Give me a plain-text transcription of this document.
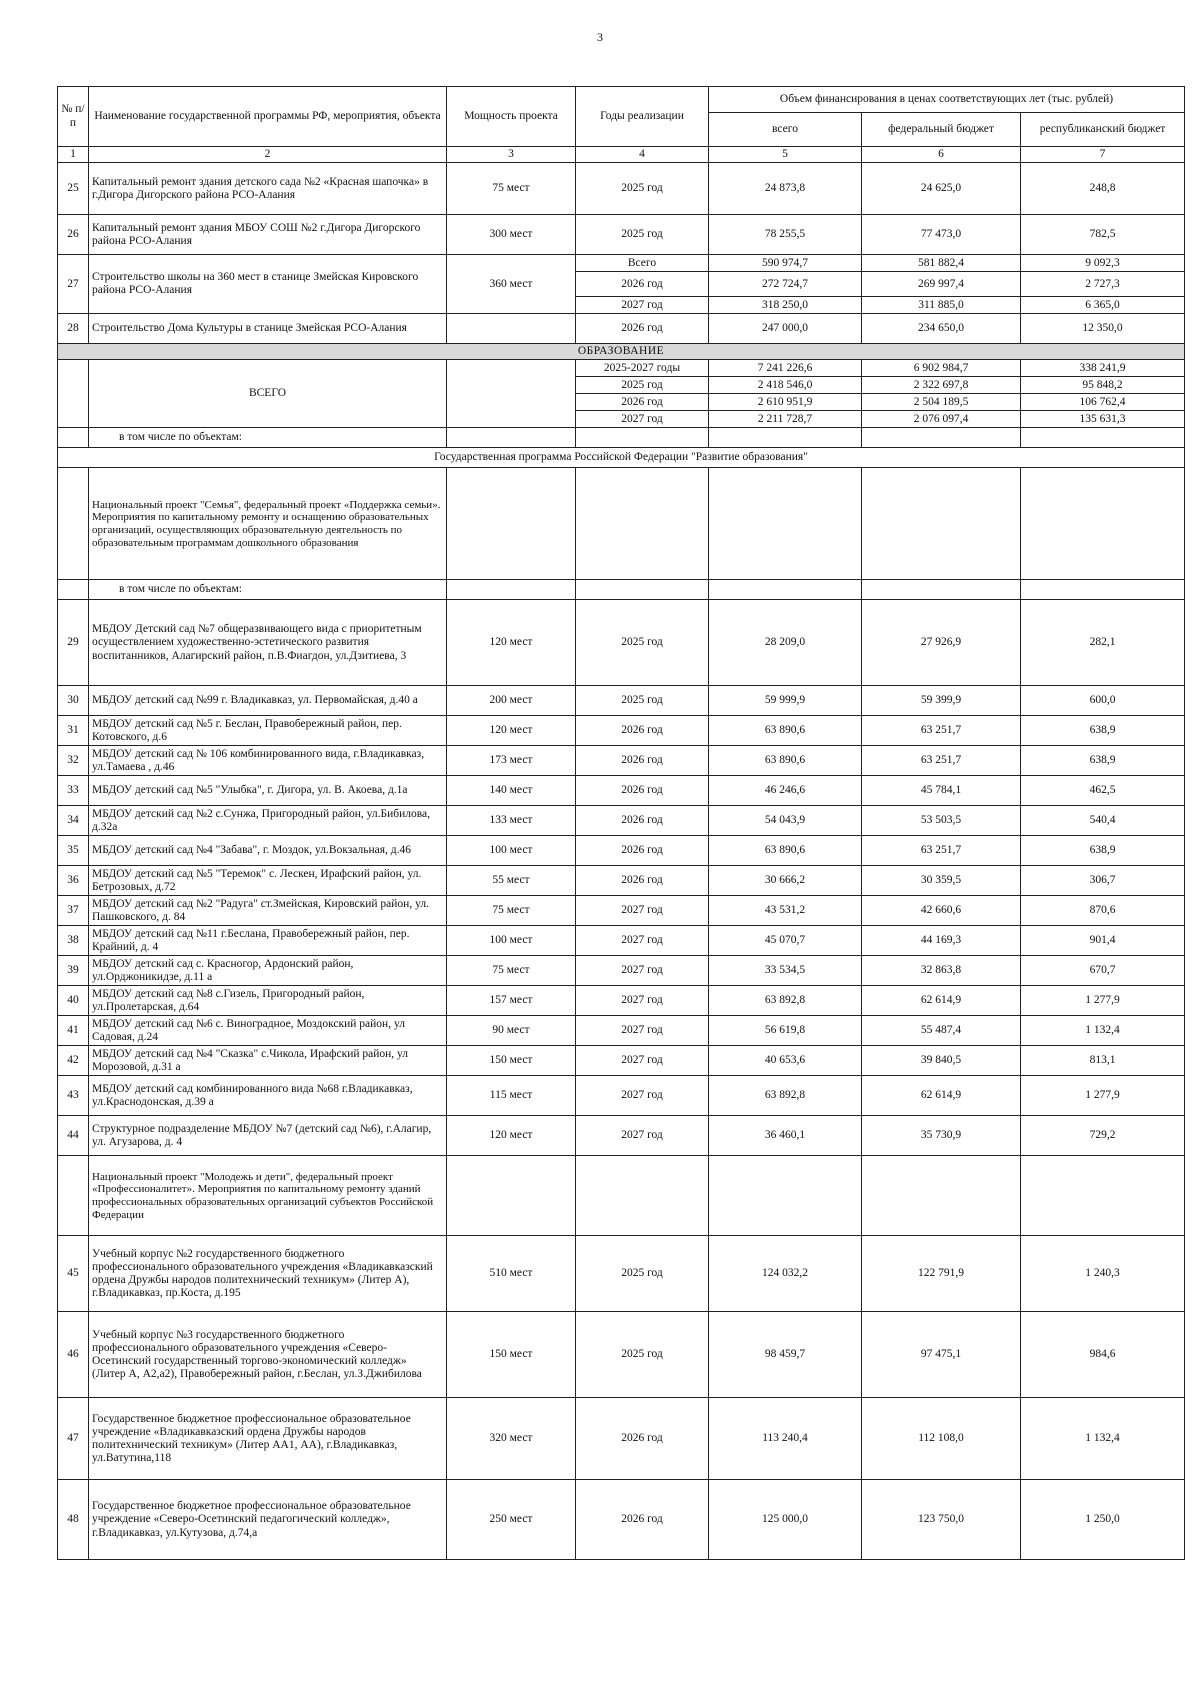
3
№ п/п	Наименование государственной программы РФ, мероприятия, объекта	Мощность проекта	Годы реализации	Объем финансирования в ценах соответствующих лет (тыс. рублей)		
				всего	федеральный бюджет	республиканский бюджет
1	2	3	4	5	6	7
25	Капитальный ремонт здания детского сада №2 «Красная шапочка» в г.Дигора Дигорского района РСО-Алания	75 мест	2025 год	24 873,8	24 625,0	248,8
26	Капитальный ремонт здания МБОУ СОШ №2 г.Дигора Дигорского района РСО-Алания	300 мест	2025 год	78 255,5	77 473,0	782,5
27	Строительство школы на 360 мест в станице Змейская Кировского района РСО-Алания	360 мест	Всего	590 974,7	581 882,4	9 092,3
			2026 год	272 724,7	269 997,4	2 727,3
			2027 год	318 250,0	311 885,0	6 365,0
28	Строительство Дома Культуры в станице Змейская РСО-Алания		2026 год	247 000,0	234 650,0	12 350,0
ОБРАЗОВАНИЕ						
	ВСЕГО		2025-2027 годы	7 241 226,6	6 902 984,7	338 241,9
			2025 год	2 418 546,0	2 322 697,8	95 848,2
			2026 год	2 610 951,9	2 504 189,5	106 762,4
			2027 год	2 211 728,7	2 076 097,4	135 631,3
	в том числе по объектам:					
Государственная программа Российской Федерации "Развитие образования"						
	Национальный проект "Семья", федеральный проект «Поддержка семьи». Мероприятия по капитальному ремонту и оснащению образовательных организаций, осуществляющих образовательную деятельность по образовательным программам дошкольного образования					
	в том числе по объектам:					
29	МБДОУ Детский сад №7 общеразвивающего вида с приоритетным осуществлением художественно-эстетического развития воспитанников, Алагирский район, п.В.Фиагдон, ул.Дзитиева, 3	120 мест	2025 год	28 209,0	27 926,9	282,1
30	МБДОУ детский сад №99 г. Владикавказ, ул. Первомайская, д.40 а	200 мест	2025 год	59 999,9	59 399,9	600,0
31	МБДОУ детский сад №5 г. Беслан, Правобережный район, пер. Котовского, д.6	120 мест	2026 год	63 890,6	63 251,7	638,9
32	МБДОУ детский сад № 106 комбинированного вида, г.Владикавказ, ул.Тамаева , д.46	173 мест	2026 год	63 890,6	63 251,7	638,9
33	МБДОУ детский сад №5 "Улыбка", г. Дигора, ул. В. Акоева, д.1а	140 мест	2026 год	46 246,6	45 784,1	462,5
34	МБДОУ детский сад №2 с.Сунжа, Пригородный район, ул.Бибилова, д.32а	133 мест	2026 год	54 043,9	53 503,5	540,4
35	МБДОУ детский сад №4 "Забава", г. Моздок, ул.Вокзальная, д.46	100 мест	2026 год	63 890,6	63 251,7	638,9
36	МБДОУ детский сад №5 "Теремок" с. Лескен, Ирафский район, ул. Бетрозовых, д.72	55 мест	2026 год	30 666,2	30 359,5	306,7
37	МБДОУ детский сад №2 "Радуга" ст.Змейская, Кировский район, ул. Пашковского, д. 84	75 мест	2027 год	43 531,2	42 660,6	870,6
38	МБДОУ детский сад №11 г.Беслана, Правобережный район, пер. Крайний, д. 4	100 мест	2027 год	45 070,7	44 169,3	901,4
39	МБДОУ детский сад с. Красногор, Ардонский район, ул.Орджоникидзе, д.11 а	75 мест	2027 год	33 534,5	32 863,8	670,7
40	МБДОУ детский сад №8 с.Гизель, Пригородный район, ул.Пролетарская, д.64	157 мест	2027 год	63 892,8	62 614,9	1 277,9
41	МБДОУ детский сад №6 с. Виноградное, Моздокский район, ул Садовая, д.24	90 мест	2027 год	56 619,8	55 487,4	1 132,4
42	МБДОУ детский сад №4 "Сказка" с.Чикола, Ирафский район, ул Морозовой, д.31 а	150 мест	2027 год	40 653,6	39 840,5	813,1
43	МБДОУ детский сад комбинированного вида №68 г.Владикавказ, ул.Краснодонская, д.39 а	115 мест	2027 год	63 892,8	62 614,9	1 277,9
44	Структурное подразделение МБДОУ №7 (детский сад №6), г.Алагир, ул. Агузарова, д. 4	120 мест	2027 год	36 460,1	35 730,9	729,2
	Национальный проект "Молодежь и дети", федеральный проект «Профессионалитет». Мероприятия по капитальному ремонту зданий профессиональных образовательных организаций субъектов Российской Федерации					
45	Учебный корпус №2 государственного бюджетного профессионального образовательного учреждения «Владикавказский ордена Дружбы народов политехнический техникум» (Литер А), г.Владикавказ, пр.Коста, д.195	510 мест	2025 год	124 032,2	122 791,9	1 240,3
46	Учебный корпус №3 государственного бюджетного профессионального образовательного учреждения «Северо-Осетинский государственный торгово-экономический колледж» (Литер А, А2,а2), Правобережный район, г.Беслан, ул.З.Джибилова	150 мест	2025 год	98 459,7	97 475,1	984,6
47	Государственное бюджетное профессиональное образовательное учреждение «Владикавказский ордена Дружбы народов политехнический техникум» (Литер АА1, АА), г.Владикавказ, ул.Ватутина,118	320 мест	2026 год	113 240,4	112 108,0	1 132,4
48	Государственное бюджетное профессиональное образовательное учреждение «Северо-Осетинский педагогический колледж», г.Владикавказ, ул.Кутузова, д.74,а	250 мест	2026 год	125 000,0	123 750,0	1 250,0
